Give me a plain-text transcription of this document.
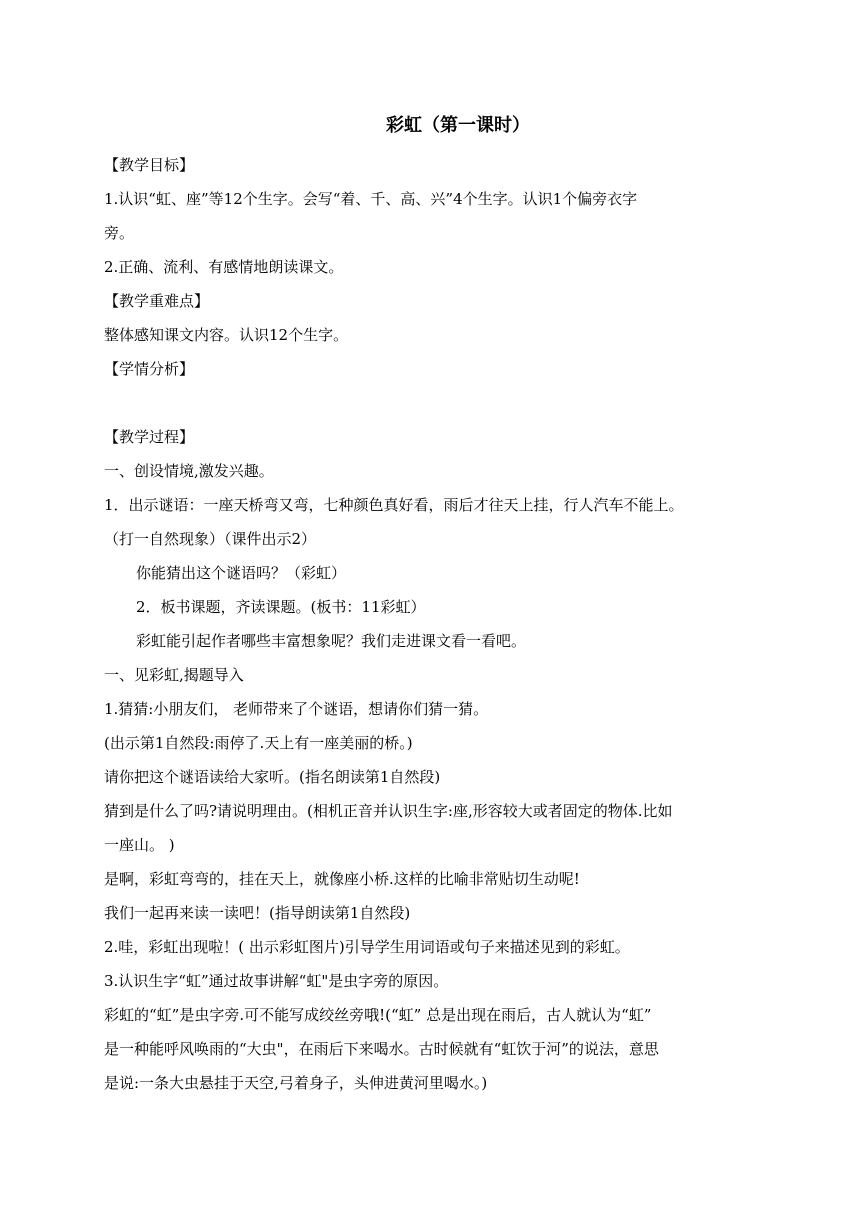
彩虹（第一课时）

【教学目标】

1.认识“虹、座”等12个生字。会写“着、千、高、兴”4个生字。认识1个偏旁衣字

旁。

2.正确、流利、有感情地朗读课文。

【教学重难点】

整体感知课文内容。认识12个生字。

【学情分析】

【教学过程】

一、创设情境,激发兴趣。

1．出示谜语：一座天桥弯又弯，七种颜色真好看，雨后才往天上挂，行人汽车不能上。

（打一自然现象）（课件出示2）

你能猜出这个谜语吗？（彩虹）

2．板书课题，齐读课题。(板书：11彩虹）

彩虹能引起作者哪些丰富想象呢？我们走进课文看一看吧。

一、见彩虹,揭题导入

1.猜猜:小朋友们， 老师带来了个谜语，想请你们猜一猜。

(出示第1自然段:雨停了.天上有一座美丽的桥。)

请你把这个谜语读给大家听。(指名朗读第1自然段)

猜到是什么了吗?请说明理由。(相机正音并认识生字:座,形容较大或者固定的物体.比如

一座山。 )

是啊，彩虹弯弯的，挂在天上，就像座小桥.这样的比喻非常贴切生动呢!

我们一起再来读一读吧！(指导朗读第1自然段)

2.哇，彩虹出现啦！( 出示彩虹图片)引导学生用词语或句子来描述见到的彩虹。

3.认识生字“虹”通过故事讲解“虹"是虫字旁的原因。

彩虹的“虹”是虫字旁.可不能写成绞丝旁哦!(“虹” 总是出现在雨后，古人就认为“虹”

是一种能呼风唤雨的“大虫"，在雨后下来喝水。古时候就有“虹饮于河”的说法，意思

是说:一条大虫悬挂于天空,弓着身子，头伸进黄河里喝水。)
